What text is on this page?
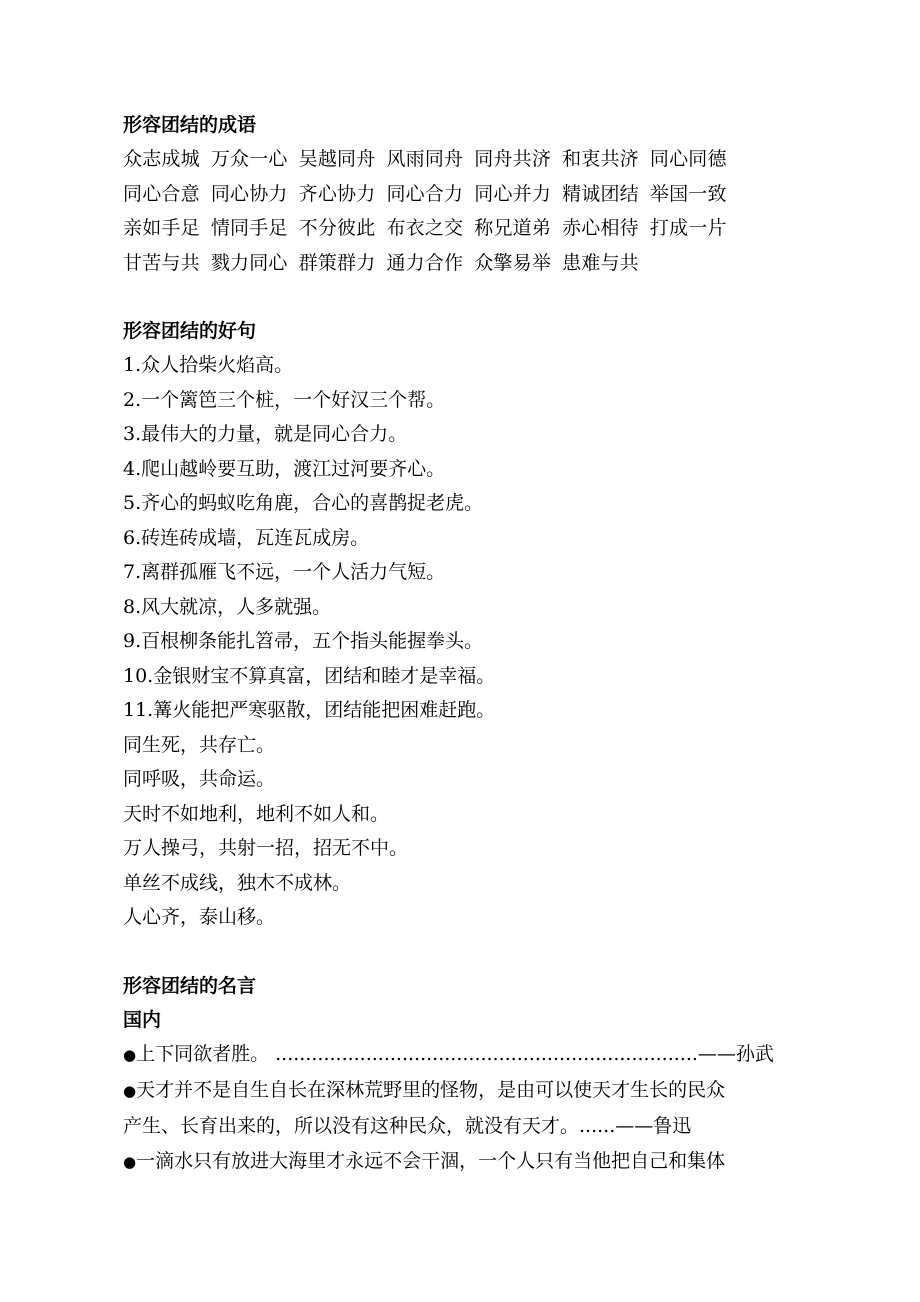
形容团结的成语
众志成城 万众一心 吴越同舟 风雨同舟 同舟共济 和衷共济 同心同德
同心合意 同心协力 齐心协力 同心合力 同心并力 精诚团结 举国一致
亲如手足 情同手足 不分彼此 布衣之交 称兄道弟 赤心相待 打成一片
甘苦与共 戮力同心 群策群力 通力合作 众擎易举 患难与共
形容团结的好句
1.众人拾柴火焰高。
2.一个篱笆三个桩，一个好汉三个帮。
3.最伟大的力量，就是同心合力。
4.爬山越岭要互助，渡江过河要齐心。
5.齐心的蚂蚁吃角鹿，合心的喜鹊捉老虎。
6.砖连砖成墙，瓦连瓦成房。
7.离群孤雁飞不远，一个人活力气短。
8.风大就凉，人多就强。
9.百根柳条能扎笤帚，五个指头能握拳头。
10.金银财宝不算真富，团结和睦才是幸福。
11.篝火能把严寒驱散，团结能把困难赶跑。
同生死，共存亡。
同呼吸，共命运。
天时不如地利，地利不如人和。
万人操弓，共射一招，招无不中。
单丝不成线，独木不成林。
人心齐，泰山移。
形容团结的名言
国内
●上下同欲者胜。 ......................................................................——孙武
●天才并不是自生自长在深林荒野里的怪物，是由可以使天才生长的民众
产生、长育出来的，所以没有这种民众，就没有天才。......——鲁迅
●一滴水只有放进大海里才永远不会干涸，一个人只有当他把自己和集体
